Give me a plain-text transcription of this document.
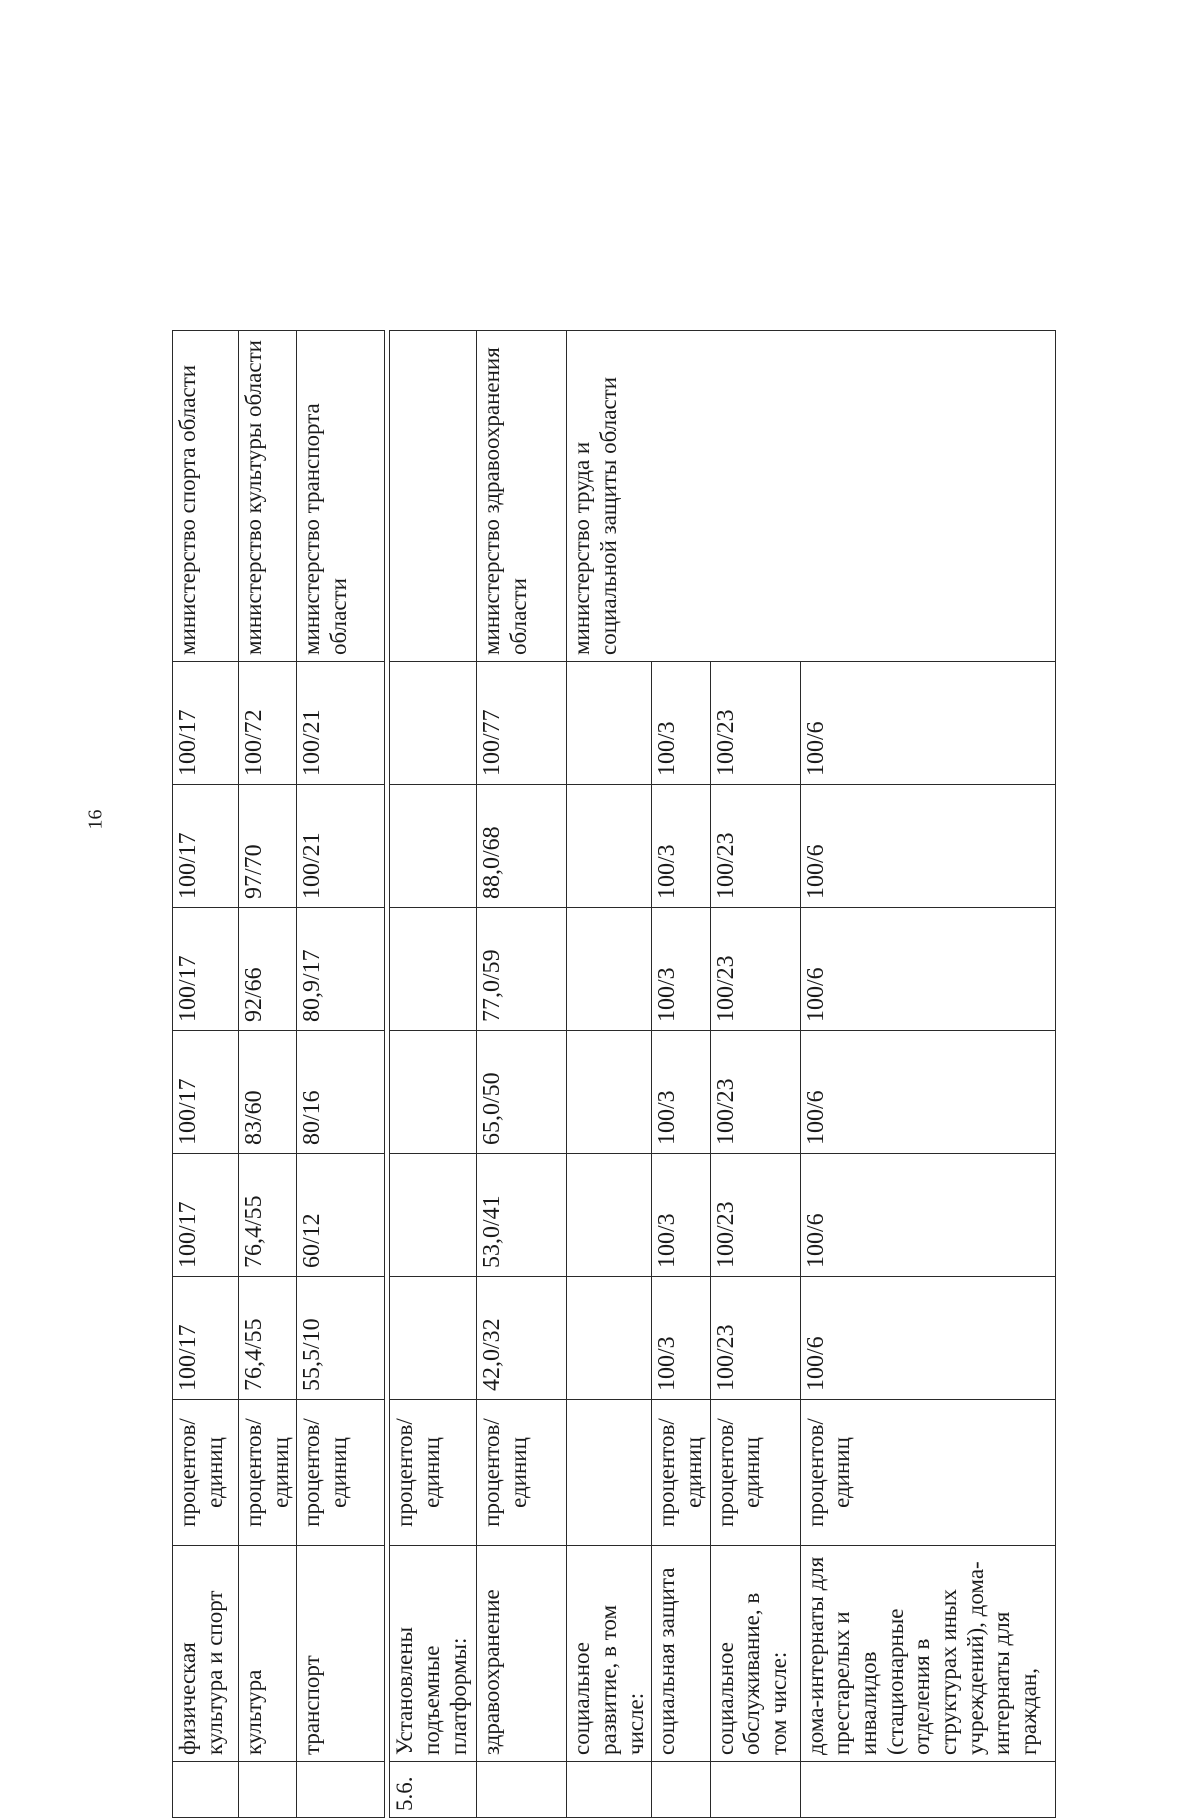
16
	физическая культура и спорт	процентов/ единиц	100/17	100/17	100/17	100/17	100/17	100/17	министерство спорта области
	культура	процентов/ единиц	76,4/55	76,4/55	83/60	92/66	97/70	100/72	министерство культуры области
	транспорт	процентов/ единиц	55,5/10	60/12	80/16	80,9/17	100/21	100/21	министерство транспорта области

5.6.	Установлены подъемные платформы:	процентов/ единиц							
	здравоохранение	процентов/ единиц	42,0/32	53,0/41	65,0/50	77,0/59	88,0/68	100/77	министерство здравоохранения области
	социальное развитие, в том числе:								министерство труда и социальной защиты области
	социальная защита	процентов/ единиц	100/3	100/3	100/3	100/3	100/3	100/3	
	социальное обслуживание, в том числе:	процентов/ единиц	100/23	100/23	100/23	100/23	100/23	100/23	
	дома-интернаты для престарелых и инвалидов (стационарные отделения в структурах иных учреждений), дома-интернаты для граждан,	процентов/ единиц	100/6	100/6	100/6	100/6	100/6	100/6	
